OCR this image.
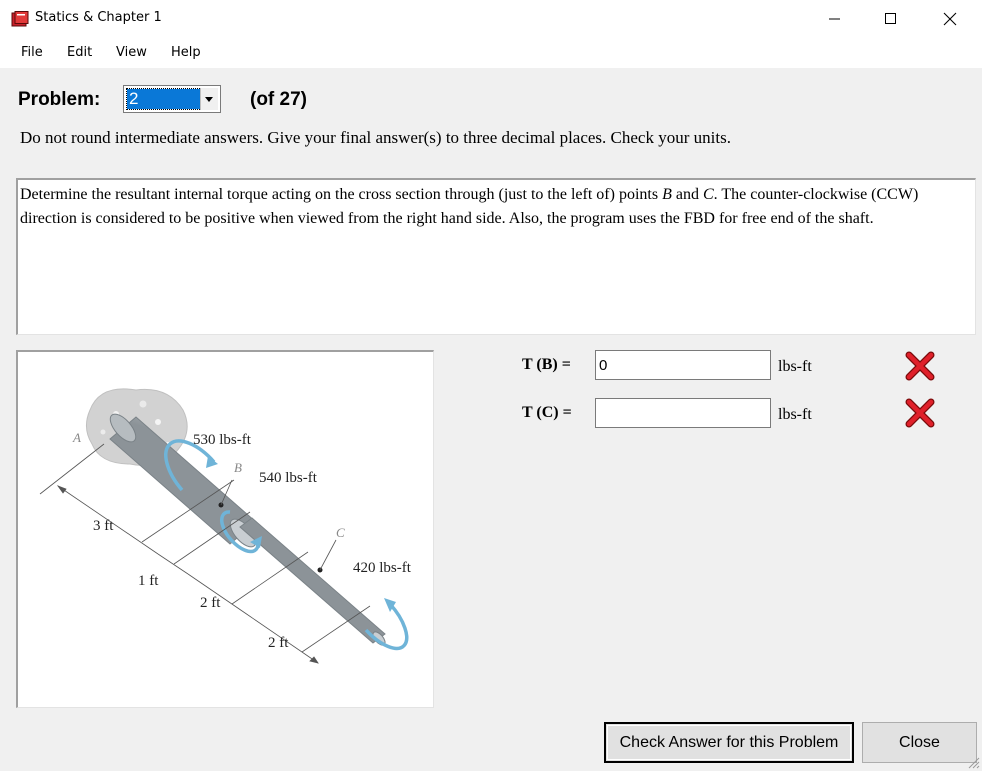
Statics & Chapter 1
File Edit View Help
Problem: 2	(of 27)
Do not round intermediate answers. Give your final answer(s) to three decimal places. Check your units.
Determine the resultant internal torque acting on the cross section through (just to the left of) points B and C. The counter-clockwise (CCW) direction is considered to be positive when viewed from the right hand side. Also, the program uses the FBD for free end of the shaft.
A
B
C
530 lbs-ft
540 lbs-ft
420 lbs-ft
3 ft
1 ft
2 ft
2 ft
T (B) =
0	lbs-ft
T (C) =	lbs-ft
Check Answer for this Problem	Close
